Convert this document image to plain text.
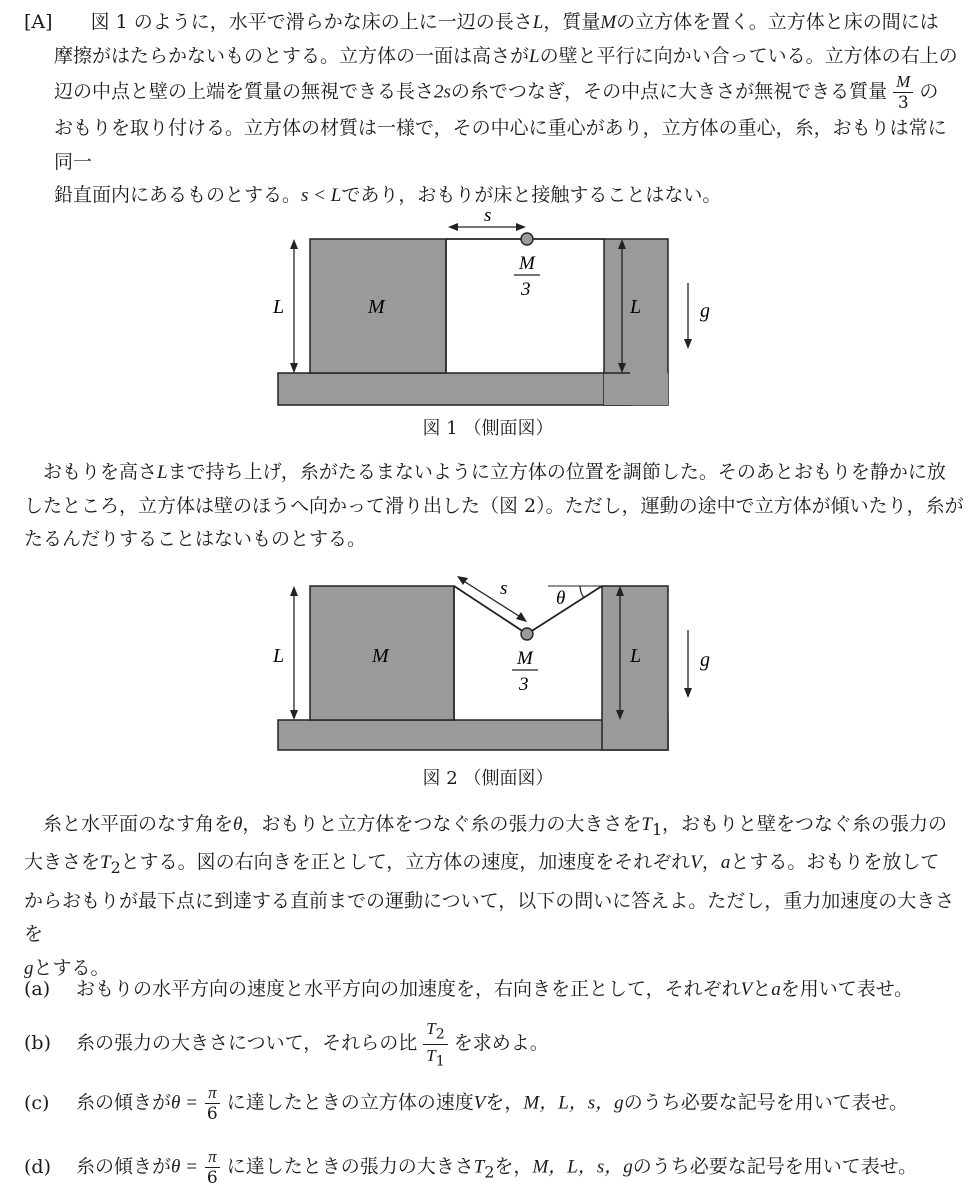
[A]　　 図 1 のように，水平で滑らかな床の上に一辺の長さL，質量Mの立方体を置く。立方体と床の間には

摩擦がはたらかないものとする。立方体の一面は高さがLの壁と平行に向かい合っている。立方体の右上の

辺の中点と壁の上端を質量の無視できる長さ2sの糸でつなぎ，その中点に大きさが無視できる質量 $\frac{M}{3}$ の

おもりを取り付ける。立方体の材質は一様で，その中心に重心があり，立方体の重心，糸，おもりは常に同一

鉛直面内にあるものとする。s < Lであり，おもりが床と接触することはない。

s
M
3
L	M	L	g
図 1 （側面図）

おもりを高さLまで持ち上げ，糸がたるまないように立方体の位置を調節した。そのあとおもりを静かに放

したところ，立方体は壁のほうへ向かって滑り出した（図 2）。ただし，運動の途中で立方体が傾いたり，糸が

たるんだりすることはないものとする。

θ
s
M
3
L	M	L	g
図 2 （側面図）

糸と水平面のなす角をθ，おもりと立方体をつなぐ糸の張力の大きさを$T_1$，おもりと壁をつなぐ糸の張力の

大きさを$T_2$とする。図の右向きを正として，立方体の速度，加速度をそれぞれV，aとする。おもりを放して

からおもりが最下点に到達する直前までの運動について，以下の問いに答えよ。ただし，重力加速度の大きさを

gとする。

(a) おもりの水平方向の速度と水平方向の加速度を，右向きを正として，それぞれVとaを用いて表せ。
(b) 糸の張力の大きさについて，それらの比 $\frac{T_2}{T_1}$ を求めよ。
(c) 糸の傾きが$\theta = \frac{\pi}{6}$ に達したときの立方体の速度Vを，M，L，s，gのうち必要な記号を用いて表せ。
(d) 糸の傾きが$\theta = \frac{\pi}{6}$ に達したときの張力の大きさ$T_2$を，M，L，s，gのうち必要な記号を用いて表せ。
